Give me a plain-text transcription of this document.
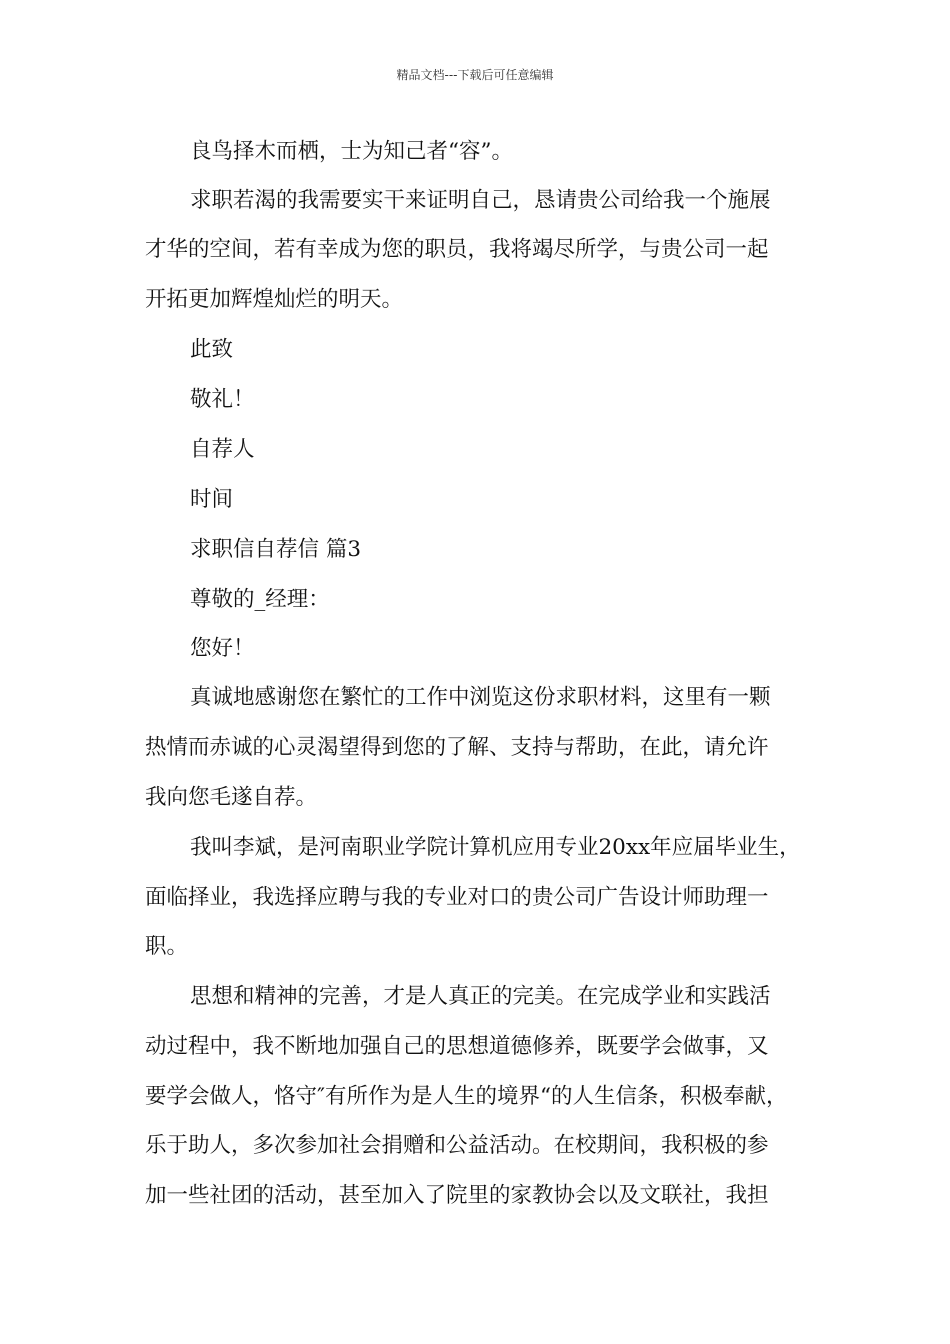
精品文档---下载后可任意编辑
良鸟择木而栖，士为知己者“容”。
求职若渴的我需要实干来证明自己，恳请贵公司给我一个施展
才华的空间，若有幸成为您的职员，我将竭尽所学，与贵公司一起
开拓更加辉煌灿烂的明天。
此致
敬礼！
自荐人
时间
求职信自荐信 篇3
尊敬的_经理：
您好！
真诚地感谢您在繁忙的工作中浏览这份求职材料，这里有一颗
热情而赤诚的心灵渴望得到您的了解、支持与帮助，在此，请允许
我向您毛遂自荐。
我叫李斌，是河南职业学院计算机应用专业20xx年应届毕业生，
面临择业，我选择应聘与我的专业对口的贵公司广告设计师助理一
职。
思想和精神的完善，才是人真正的完美。在完成学业和实践活
动过程中，我不断地加强自己的思想道德修养，既要学会做事，又
要学会做人，恪守″有所作为是人生的境界“的人生信条，积极奉献，
乐于助人，多次参加社会捐赠和公益活动。在校期间，我积极的参
加一些社团的活动，甚至加入了院里的家教协会以及文联社，我担
